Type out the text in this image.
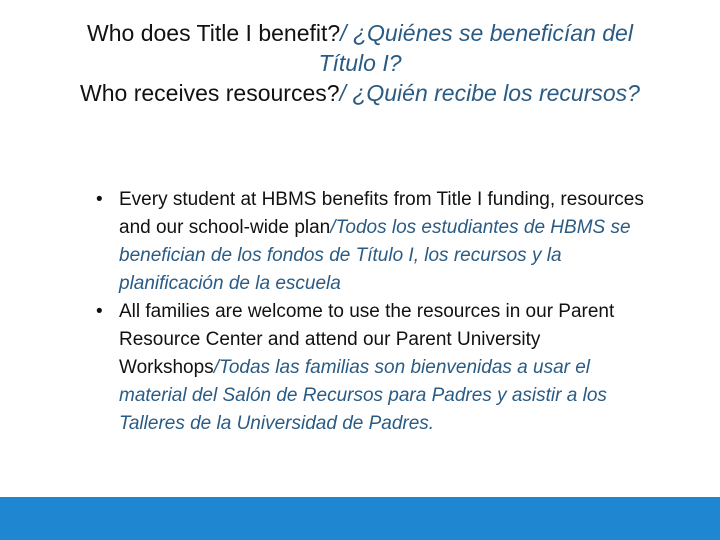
Who does Title I benefit?/ ¿Quiénes se beneficían del Título I?
Who receives resources?/ ¿Quién recibe los recursos?
• Every student at HBMS benefits from Title I funding, resources and our school-wide plan/Todos los estudiantes de HBMS se benefician de los fondos de Título I, los recursos y la planificación de la escuela
• All families are welcome to use the resources in our Parent Resource Center and attend our Parent University Workshops/Todas las familias son bienvenidas a usar el material del Salón de Recursos para Padres y asistir a los Talleres de la Universidad de Padres.
